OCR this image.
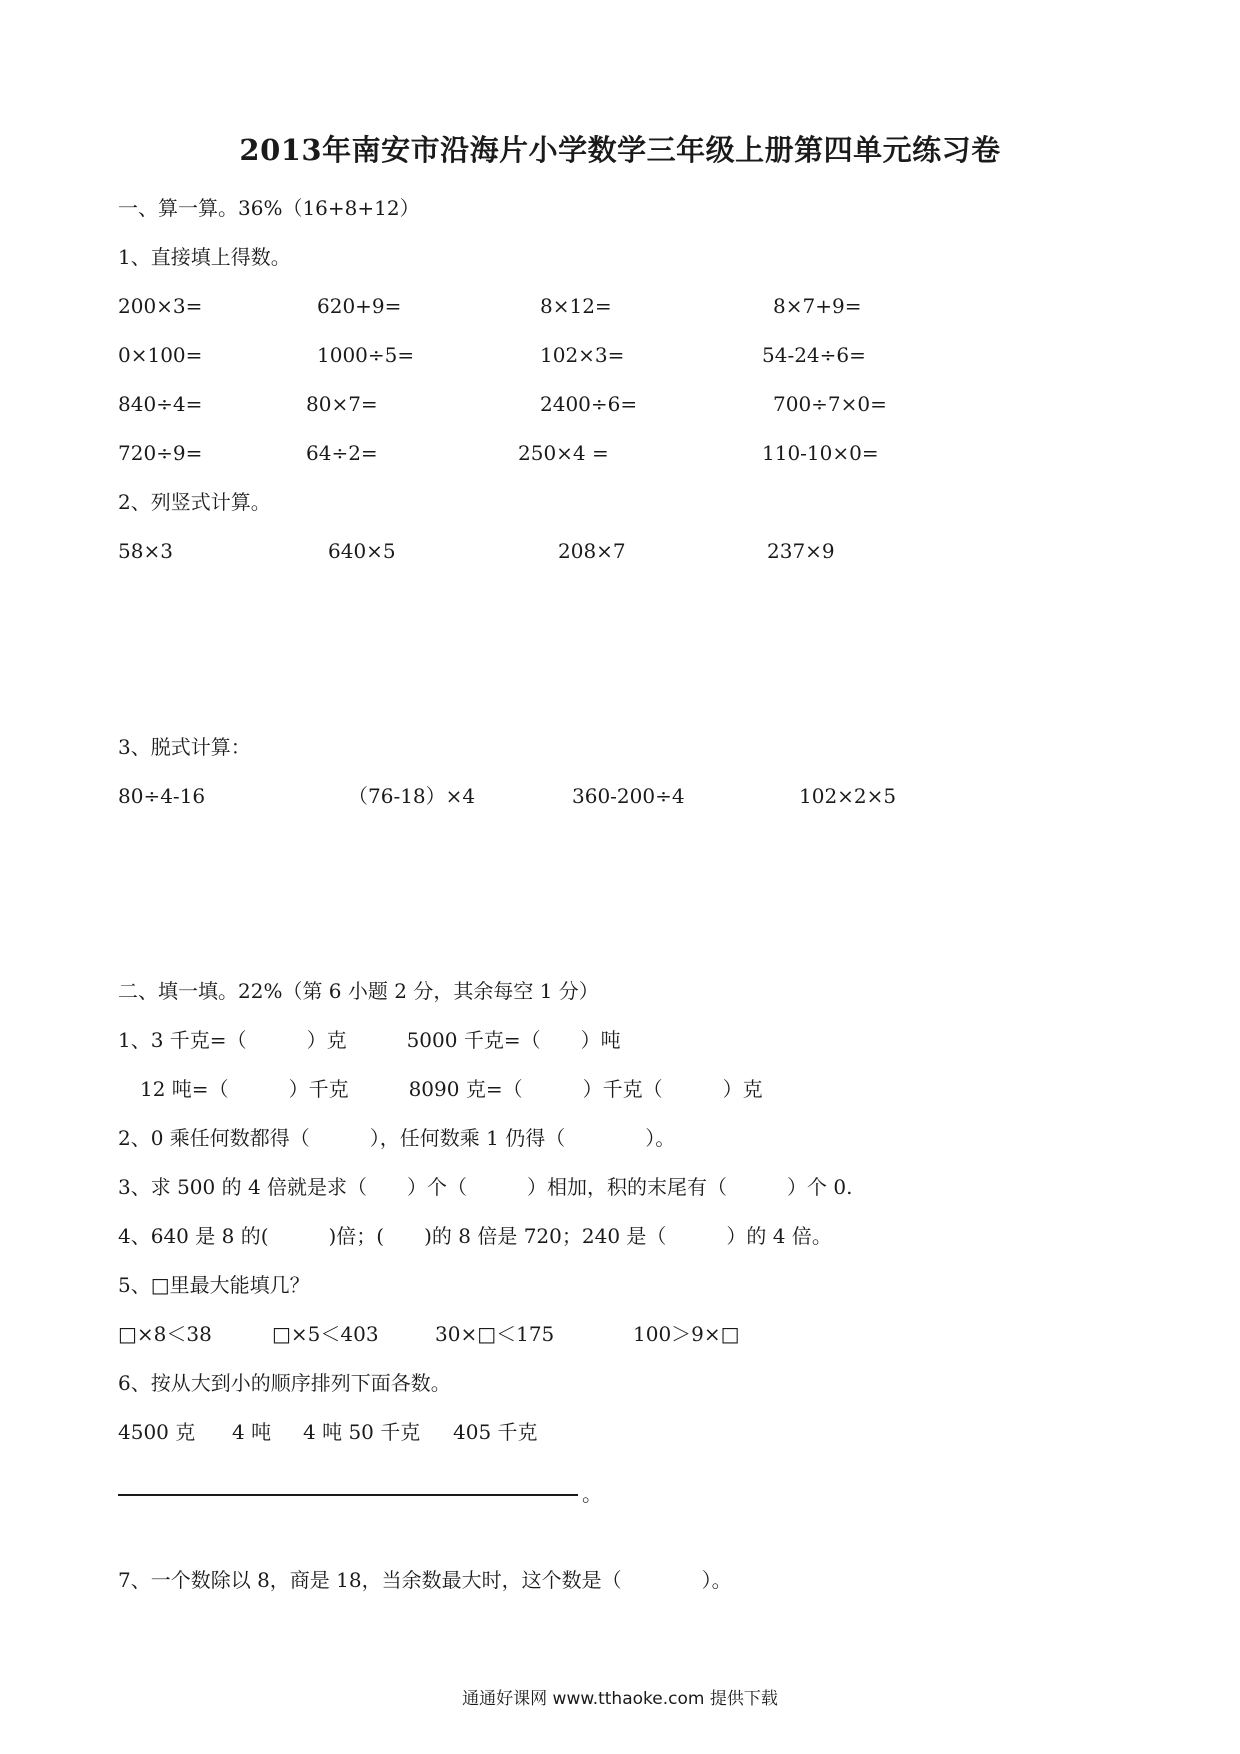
2013年南安市沿海片小学数学三年级上册第四单元练习卷
一、算一算。36%（16+8+12）
1、直接填上得数。
200×3=	620+9=	8×12=	8×7+9=
0×100=	1000÷5=	102×3=	54-24÷6=
840÷4=	80×7=	2400÷6=	700÷7×0=
720÷9=	64÷2=	250×4 =	110-10×0=
2、列竖式计算。
58×3	640×5	208×7	237×9
3、脱式计算：
80÷4-16	（76-18）×4	360-200÷4	102×2×5
二、填一填。22%（第 6 小题 2 分，其余每空 1 分）
1、3 千克=（　　　）克　　　5000 千克=（　　）吨
12 吨=（　　　）千克　　　8090 克=（　　　）千克（　　　）克
2、0 乘任何数都得（　　　），任何数乘 1 仍得（　　　　）。
3、求 500 的 4 倍就是求（　　）个（　　　）相加，积的末尾有（　　　）个 0.
4、640 是 8 的(　　　)倍；(　　)的 8 倍是 720；240 是（　　　）的 4 倍。
5、□里最大能填几？
□×8＜38	□×5＜403	30×□＜175	100＞9×□
6、按从大到小的顺序排列下面各数。
4500 克 4 吨 4 吨 50 千克 405 千克
。
7、一个数除以 8，商是 18，当余数最大时，这个数是（　　　　）。
通通好课网 www.tthaoke.com 提供下载
